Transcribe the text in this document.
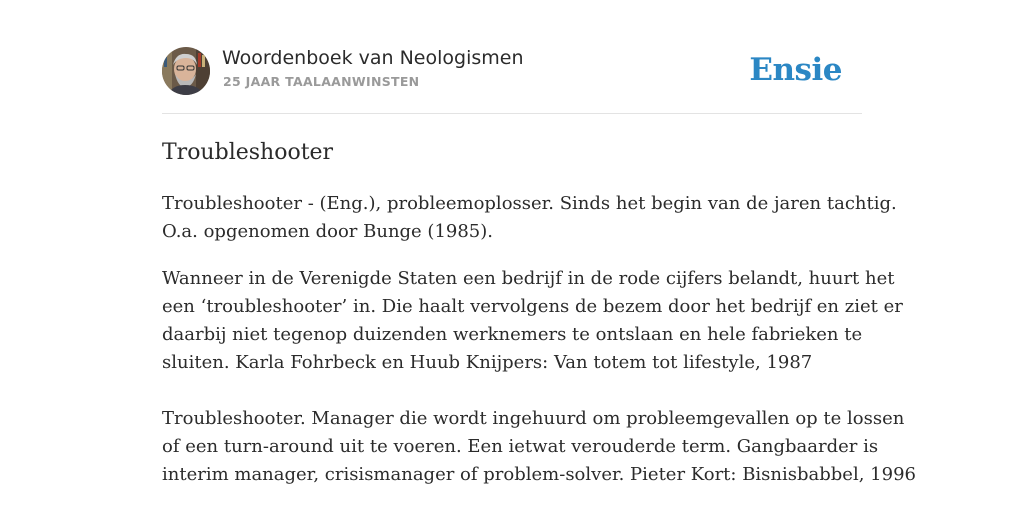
Woordenboek van Neologismen
25 JAAR TAALAANWINSTEN	Ensie
Troubleshooter
Troubleshooter - (Eng.), probleemoplosser. Sinds het begin van de jaren tachtig.
O.a. opgenomen door Bunge (1985).
Wanneer in de Verenigde Staten een bedrijf in de rode cijfers belandt, huurt het
een ‘troubleshooter’ in. Die haalt vervolgens de bezem door het bedrijf en ziet er
daarbij niet tegenop duizenden werknemers te ontslaan en hele fabrieken te
sluiten. Karla Fohrbeck en Huub Knijpers: Van totem tot lifestyle, 1987
Troubleshooter. Manager die wordt ingehuurd om probleemgevallen op te lossen
of een turn-around uit te voeren. Een ietwat verouderde term. Gangbaarder is
interim manager, crisismanager of problem-solver. Pieter Kort: Bisnisbabbel, 1996
